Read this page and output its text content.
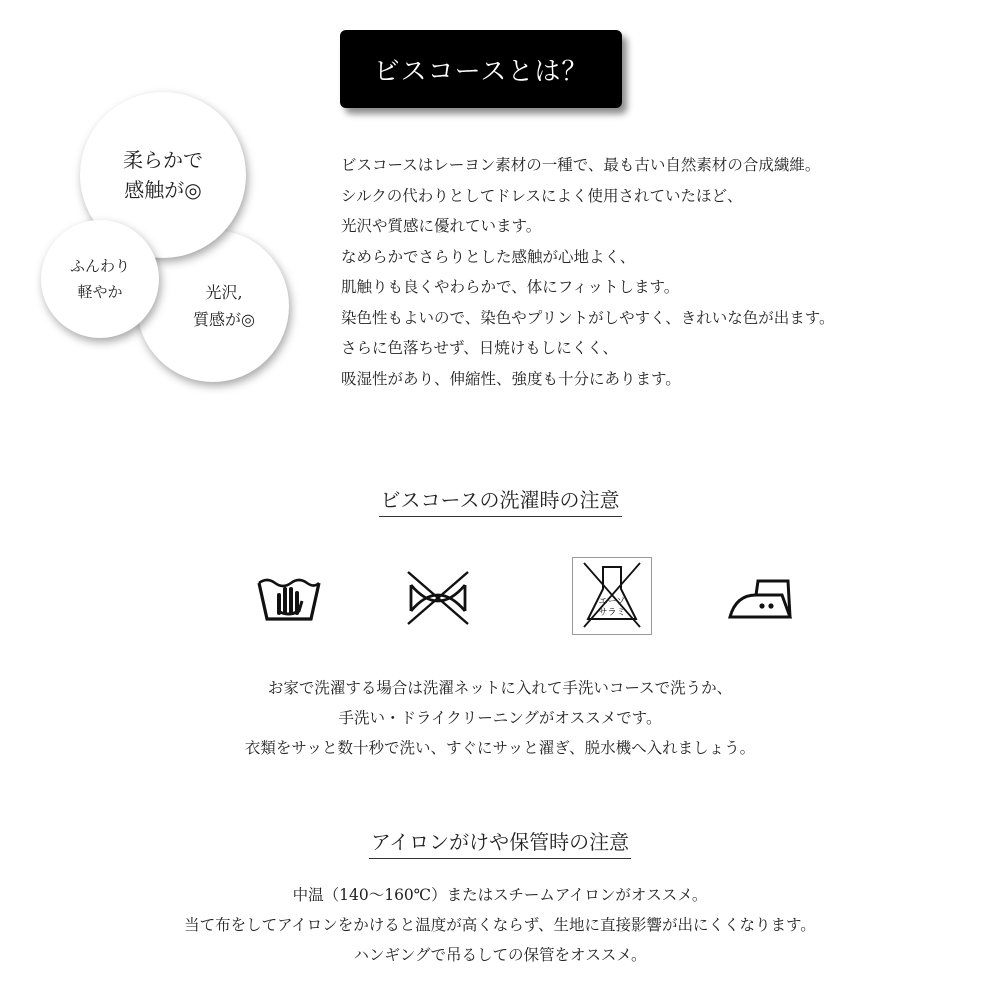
ビスコースとは？
柔らかで
感触が◎
光沢,
質感が◎
ふんわり
軽やか
ビスコースはレーヨン素材の一種で、最も古い自然素材の合成繊維。
シルクの代わりとしてドレスによく使用されていたほど、
光沢や質感に優れています。
なめらかでさらりとした感触が心地よく、
肌触りも良くやわらかで、体にフィットします。
染色性もよいので、染色やプリントがしやすく、きれいな色が出ます。
さらに色落ちせず、日焼けもしにくく、
吸湿性があり、伸縮性、強度も十分にあります。
ビスコースの洗濯時の注意
エーソ
サラミ
お家で洗濯する場合は洗濯ネットに入れて手洗いコースで洗うか、
手洗い・ドライクリーニングがオススメです。
衣類をサッと数十秒で洗い、すぐにサッと濯ぎ、脱水機へ入れましょう。
アイロンがけや保管時の注意
中温（140〜160℃）またはスチームアイロンがオススメ。
当て布をしてアイロンをかけると温度が高くならず、生地に直接影響が出にくくなります。
ハンギングで吊るしての保管をオススメ。
